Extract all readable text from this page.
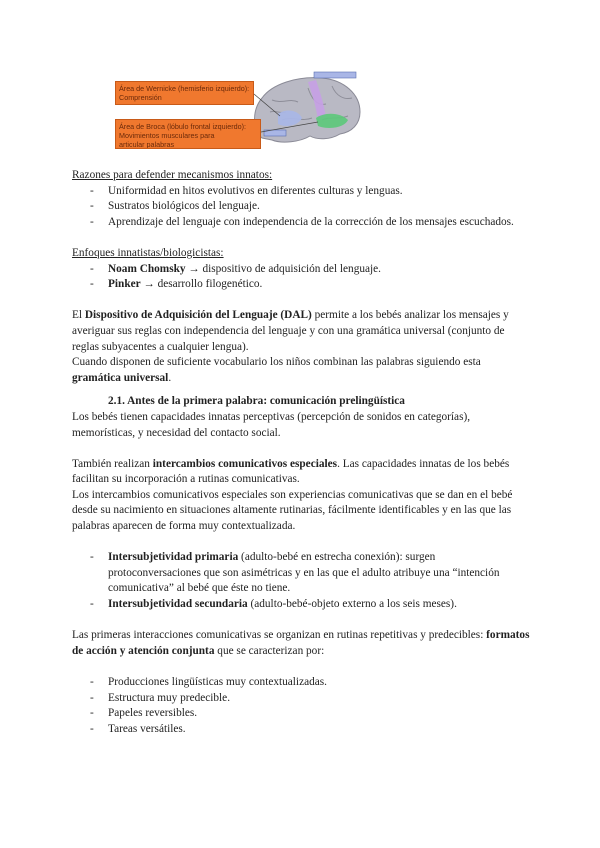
Área de Wernicke (hemisferio izquierdo):
Comprensión
Área de Broca (lóbulo frontal izquierdo):
Movimientos musculares para
articular palabras

Razones para defender mecanismos innatos:

- Uniformidad en hitos evolutivos en diferentes culturas y lenguas.
- Sustratos biológicos del lenguaje.
- Aprendizaje del lenguaje con independencia de la corrección de los mensajes escuchados.

Enfoques innatistas/biologicistas:

- Noam Chomsky → dispositivo de adquisición del lenguaje.
- Pinker → desarrollo filogenético.

El Dispositivo de Adquisición del Lenguaje (DAL) permite a los bebés analizar los mensajes y averiguar sus reglas con independencia del lenguaje y con una gramática universal (conjunto de reglas subyacentes a cualquier lengua).

Cuando disponen de suficiente vocabulario los niños combinan las palabras siguiendo esta gramática universal.

2.1. Antes de la primera palabra: comunicación prelingüística

Los bebés tienen capacidades innatas perceptivas (percepción de sonidos en categorías), memorísticas, y necesidad del contacto social.

También realizan intercambios comunicativos especiales. Las capacidades innatas de los bebés facilitan su incorporación a rutinas comunicativas.

Los intercambios comunicativos especiales son experiencias comunicativas que se dan en el bebé desde su nacimiento en situaciones altamente rutinarias, fácilmente identificables y en las que las palabras aparecen de forma muy contextualizada.

- Intersubjetividad primaria (adulto-bebé en estrecha conexión): surgen protoconversaciones que son asimétricas y en las que el adulto atribuye una “intención comunicativa” al bebé que éste no tiene.
- Intersubjetividad secundaria (adulto-bebé-objeto externo a los seis meses).

Las primeras interacciones comunicativas se organizan en rutinas repetitivas y predecibles: formatos de acción y atención conjunta que se caracterizan por:

- Producciones lingüísticas muy contextualizadas.
- Estructura muy predecible.
- Papeles reversibles.
- Tareas versátiles.
